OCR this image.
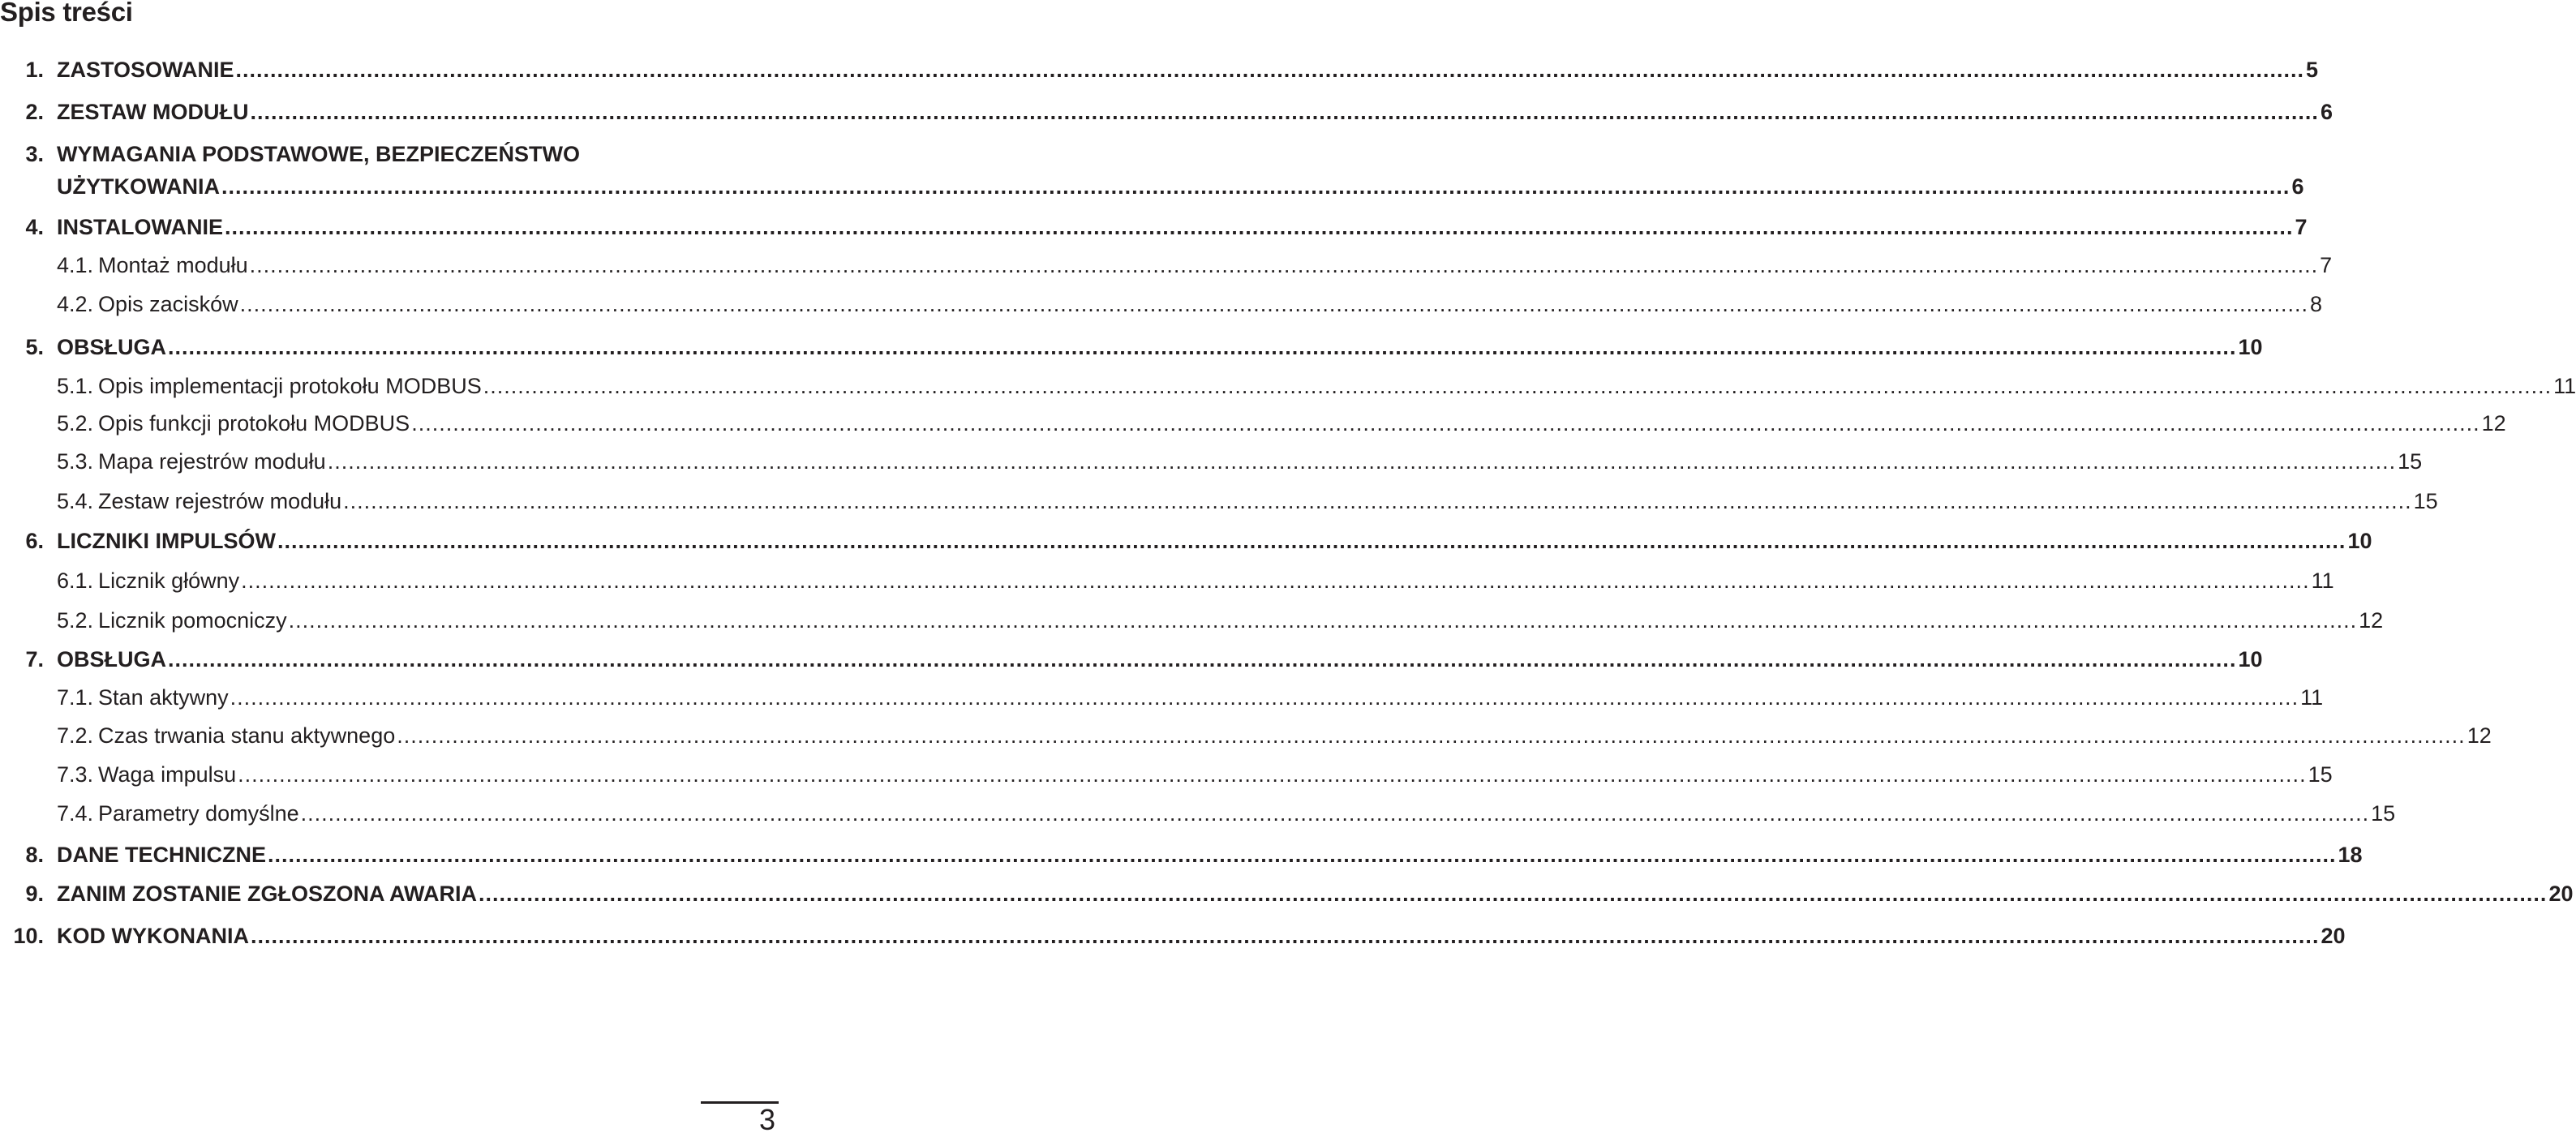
Spis treści
1. ZASTOSOWANIE ............................................................................................................................................................................................................................................................................................................ 5
2. ZESTAW MODUŁU ............................................................................................................................................................................................................................................................................................................ 6
3. WYMAGANIA PODSTAWOWE, BEZPIECZEŃSTWO
UŻYTKOWANIA ............................................................................................................................................................................................................................................................................................................ 6
4. INSTALOWANIE ............................................................................................................................................................................................................................................................................................................ 7
4.1. Montaż modułu ............................................................................................................................................................................................................................................................................................................ 7
4.2. Opis zacisków ............................................................................................................................................................................................................................................................................................................ 8
5. OBSŁUGA ............................................................................................................................................................................................................................................................................................................ 10
5.1. Opis implementacji protokołu MODBUS ............................................................................................................................................................................................................................................................................................................ 11
5.2. Opis funkcji protokołu MODBUS ............................................................................................................................................................................................................................................................................................................ 12
5.3. Mapa rejestrów modułu ............................................................................................................................................................................................................................................................................................................ 15
5.4. Zestaw rejestrów modułu ............................................................................................................................................................................................................................................................................................................ 15
6. LICZNIKI IMPULSÓW ............................................................................................................................................................................................................................................................................................................ 10
6.1. Licznik główny ............................................................................................................................................................................................................................................................................................................ 11
5.2. Licznik pomocniczy ............................................................................................................................................................................................................................................................................................................ 12
7. OBSŁUGA ............................................................................................................................................................................................................................................................................................................ 10
7.1. Stan aktywny ............................................................................................................................................................................................................................................................................................................ 11
7.2. Czas trwania stanu aktywnego ............................................................................................................................................................................................................................................................................................................ 12
7.3. Waga impulsu ............................................................................................................................................................................................................................................................................................................ 15
7.4. Parametry domyślne ............................................................................................................................................................................................................................................................................................................ 15
8. DANE TECHNICZNE ............................................................................................................................................................................................................................................................................................................ 18
9. ZANIM ZOSTANIE ZGŁOSZONA AWARIA ............................................................................................................................................................................................................................................................................................................ 20
10. KOD WYKONANIA ............................................................................................................................................................................................................................................................................................................ 20
3
